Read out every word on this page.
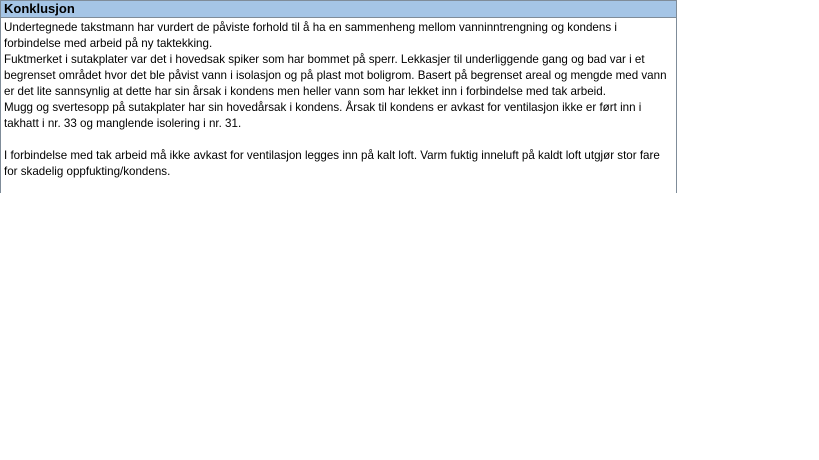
Konklusjon

Undertegnede takstmann har vurdert de påviste forhold til å ha en sammenheng mellom vanninntrengning og kondens i forbindelse med arbeid på ny taktekking.

Fuktmerket i sutakplater var det i hovedsak spiker som har bommet på sperr. Lekkasjer til underliggende gang og bad var i et begrenset området hvor det ble påvist vann i isolasjon og på plast mot boligrom. Basert på begrenset areal og mengde med vann er det lite sannsynlig at dette har sin årsak i kondens men heller vann som har lekket inn i forbindelse med tak arbeid.

Mugg og svertesopp på sutakplater har sin hovedårsak i kondens. Årsak til kondens er avkast for ventilasjon ikke er ført inn i takhatt i nr. 33 og manglende isolering i nr. 31.

I forbindelse med tak arbeid må ikke avkast for ventilasjon legges inn på kalt loft. Varm fuktig inneluft på kaldt loft utgjør stor fare for skadelig oppfukting/kondens.
